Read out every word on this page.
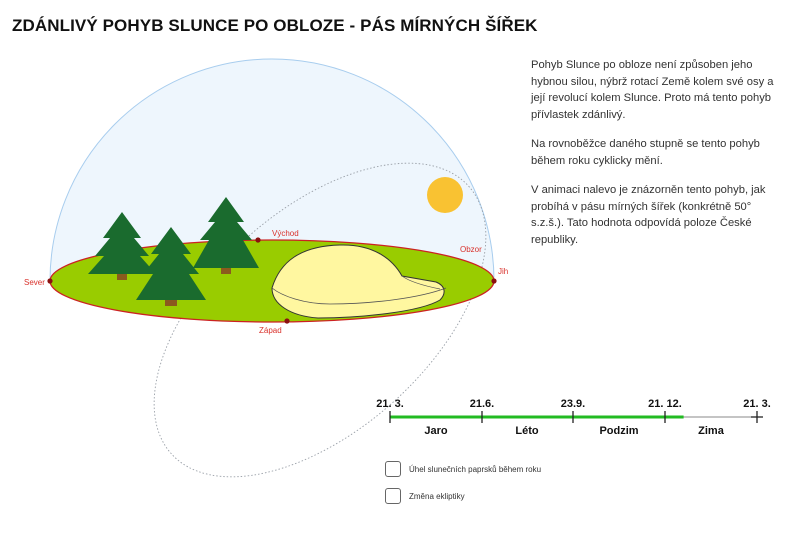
ZDÁNLIVÝ POHYB SLUNCE PO OBLOZE - PÁS MÍRNÝCH ŠÍŘEK
Sever
Jih
Východ
Západ
Obzor

Pohyb Slunce po obloze není způsoben jeho hybnou silou, nýbrž rotací Země kolem své osy a její revolucí kolem Slunce. Proto má tento pohyb přívlastek zdánlivý.

Na rovnoběžce daného stupně se tento pohyb během roku cyklicky mění.

V animaci nalevo je znázorněn tento pohyb, jak probíhá v pásu mírných šířek (konkrétně 50° s.z.š.). Tato hodnota odpovídá poloze České republiky.

21. 3.	21.6.	23.9.	21. 12.	21. 3.
Jaro	Léto	Podzim	Zima
Úhel slunečních paprsků během roku
Změna ekliptiky
